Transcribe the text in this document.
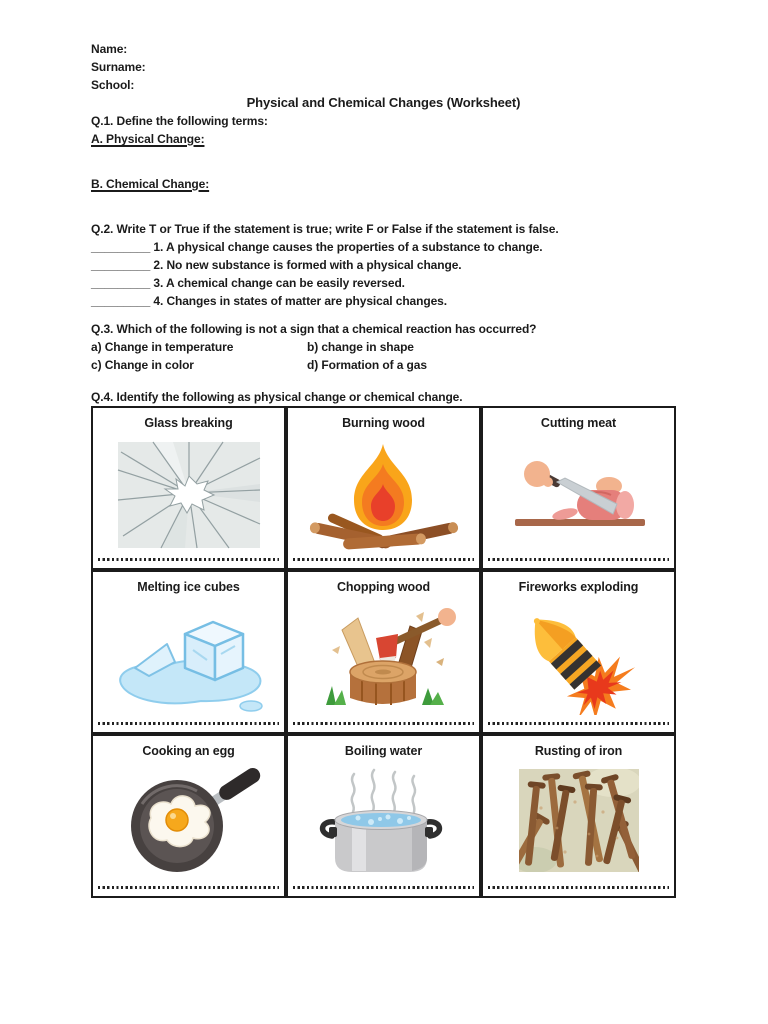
Name:
Surname:
School:
Physical and Chemical Changes (Worksheet)
Q.1. Define the following terms:
A. Physical Change:
B. Chemical Change:
Q.2. Write T or True if the statement is true; write F or False if the statement is false.
_________ 1. A physical change causes the properties of a substance to change.
_________ 2. No new substance is formed with a physical change.
_________ 3. A chemical change can be easily reversed.
_________ 4. Changes in states of matter are physical changes.
Q.3. Which of the following is not a sign that a chemical reaction has occurred?
a) Change in temperature	b) change in shape
c) Change in color	d) Formation of a gas
Q.4. Identify the following as physical change or chemical change.
Glass breaking	Burning wood	Cutting meat

Melting ice cubes	Chopping wood	Fireworks exploding

Cooking an egg	Boiling water	Rusting of iron
